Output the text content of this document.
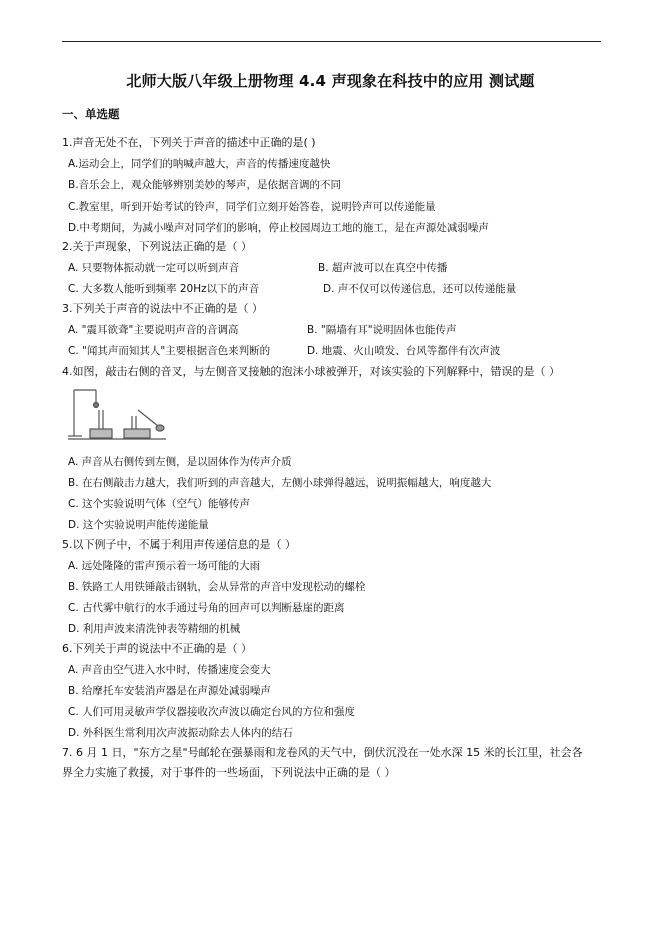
北师大版八年级上册物理 4.4 声现象在科技中的应用 测试题
一、单选题
1.声音无处不在，下列关于声音的描述中正确的是( )
A.运动会上，同学们的呐喊声越大，声音的传播速度越快
B.音乐会上，观众能够辨别美妙的琴声，是依据音调的不同
C.教室里，听到开始考试的铃声，同学们立刻开始答卷，说明铃声可以传递能量
D.中考期间，为减小噪声对同学们的影响，停止校园周边工地的施工，是在声源处减弱噪声
2.关于声现象，下列说法正确的是（ ）
A. 只要物体振动就一定可以听到声音	B. 超声波可以在真空中传播
C. 大多数人能听到频率 20Hz以下的声音	D. 声不仅可以传递信息，还可以传递能量
3.下列关于声音的说法中不正确的是（ ）
A. "震耳欲聋"主要说明声音的音调高	B. "隔墙有耳"说明固体也能传声
C. "闻其声而知其人"主要根据音色来判断的	D. 地震、火山喷发、台风等都伴有次声波
4.如图，敲击右侧的音叉，与左侧音叉接触的泡沫小球被弹开，对该实验的下列解释中，错误的是（ ）
A. 声音从右侧传到左侧，是以固体作为传声介质
B. 在右侧敲击力越大，我们听到的声音越大，左侧小球弹得越远，说明振幅越大，响度越大
C. 这个实验说明气体（空气）能够传声
D. 这个实验说明声能传递能量
5.以下例子中，不属于利用声传递信息的是（ ）
A. 远处隆隆的雷声预示着一场可能的大雨
B. 铁路工人用铁锤敲击钢轨，会从异常的声音中发现松动的螺栓
C. 古代雾中航行的水手通过号角的回声可以判断悬崖的距离
D. 利用声波来清洗钟表等精细的机械
6.下列关于声的说法中不正确的是（ ）
A. 声音由空气进入水中时，传播速度会变大
B. 给摩托车安装消声器是在声源处减弱噪声
C. 人们可用灵敏声学仪器接收次声波以确定台风的方位和强度
D. 外科医生常利用次声波振动除去人体内的结石
7. 6 月 1 日，"东方之星"号邮轮在强暴雨和龙卷风的天气中，倒伏沉没在一处水深 15 米的长江里，社会各
界全力实施了救援，对于事件的一些场面，下列说法中正确的是（ ）
